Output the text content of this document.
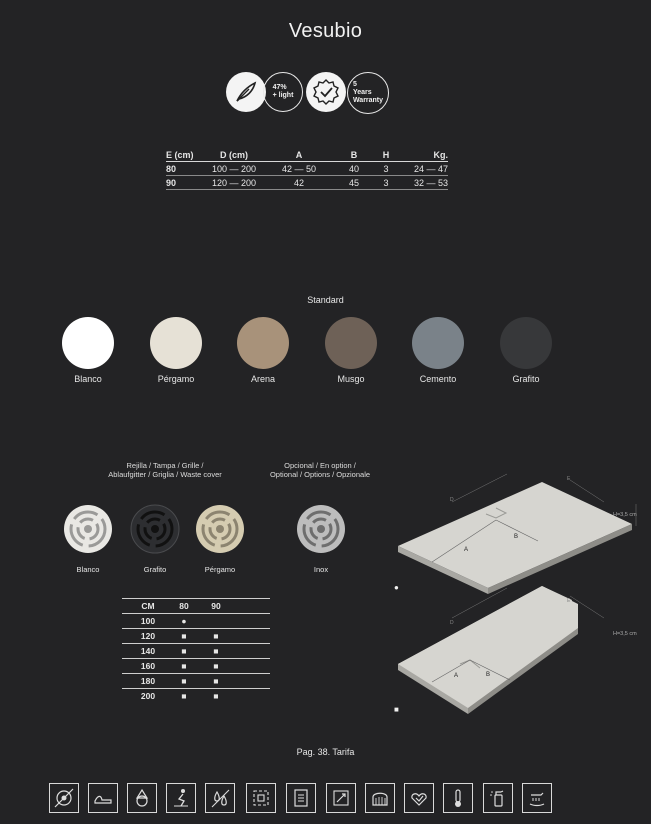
Vesubio
47%
+ light
5
Years
Warranty
E (cm)	D (cm)	A	B	H	Kg.
80	100 — 200	42 — 50	40	3	24 — 47
90	120 — 200	42	45	3	32 — 53
Standard
Blanco	Pérgamo	Arena	Musgo	Cemento	Grafito
Rejilla / Tampa / Grille /
Ablaufgitter / Griglia / Waste cover
Opcional / En option /
Optional / Options / Opzionale
Blanco	Grafito	Pérgamo	Inox
CM	80	90	
100	●		
120	■	■	
140	■	■	
160	■	■	
180	■	■	
200	■	■	
A
B
D
E
H=3,5 cm
A	B
D
E
H=3,5 cm
●
■
Pag. 38. Tarifa
